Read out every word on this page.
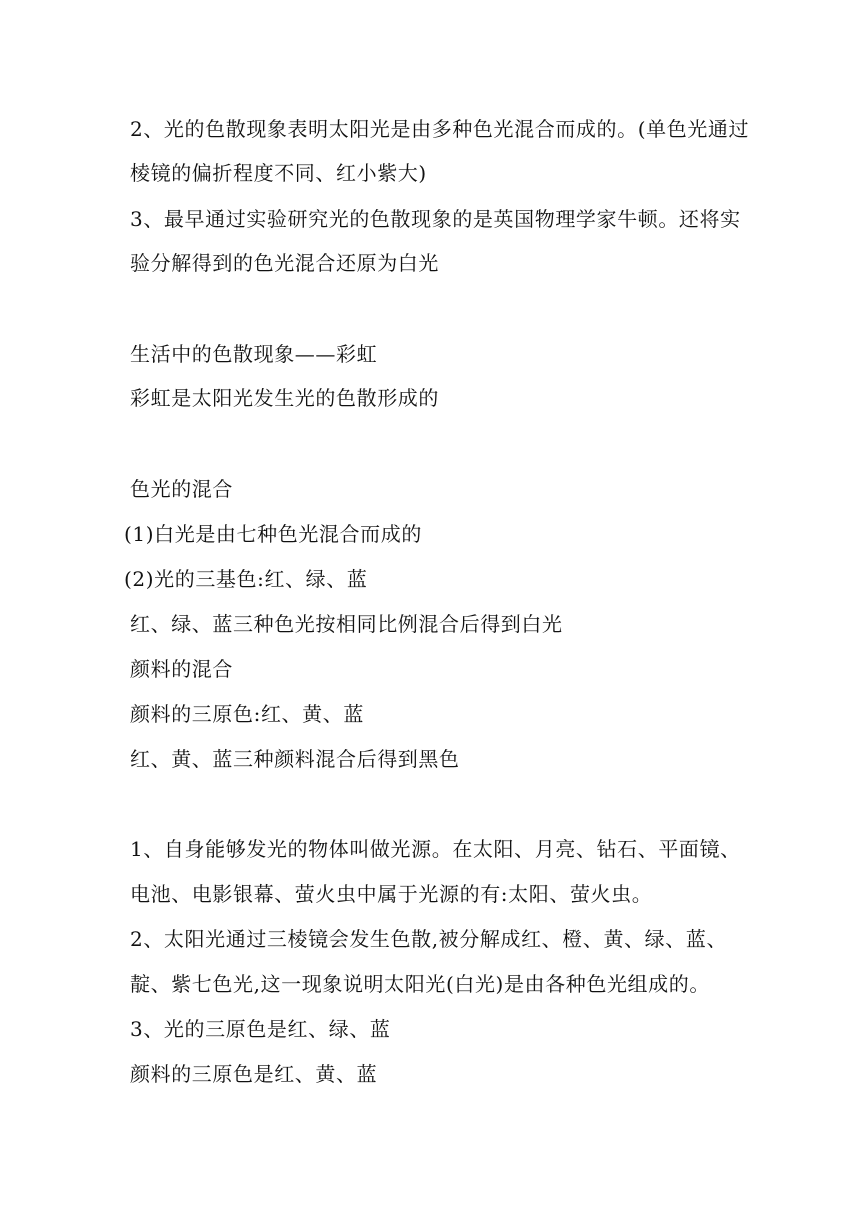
2、光的色散现象表明太阳光是由多种色光混合而成的。(单色光通过
棱镜的偏折程度不同、红小紫大)
3、最早通过实验研究光的色散现象的是英国物理学家牛顿。还将实
验分解得到的色光混合还原为白光
生活中的色散现象——彩虹
彩虹是太阳光发生光的色散形成的
色光的混合
(1)白光是由七种色光混合而成的
(2)光的三基色:红、绿、蓝
红、绿、蓝三种色光按相同比例混合后得到白光
颜料的混合
颜料的三原色:红、黄、蓝
红、黄、蓝三种颜料混合后得到黑色
1、自身能够发光的物体叫做光源。在太阳、月亮、钻石、平面镜、
电池、电影银幕、萤火虫中属于光源的有:太阳、萤火虫。
2、太阳光通过三棱镜会发生色散,被分解成红、橙、黄、绿、蓝、
靛、紫七色光,这一现象说明太阳光(白光)是由各种色光组成的。
3、光的三原色是红、绿、蓝
颜料的三原色是红、黄、蓝
